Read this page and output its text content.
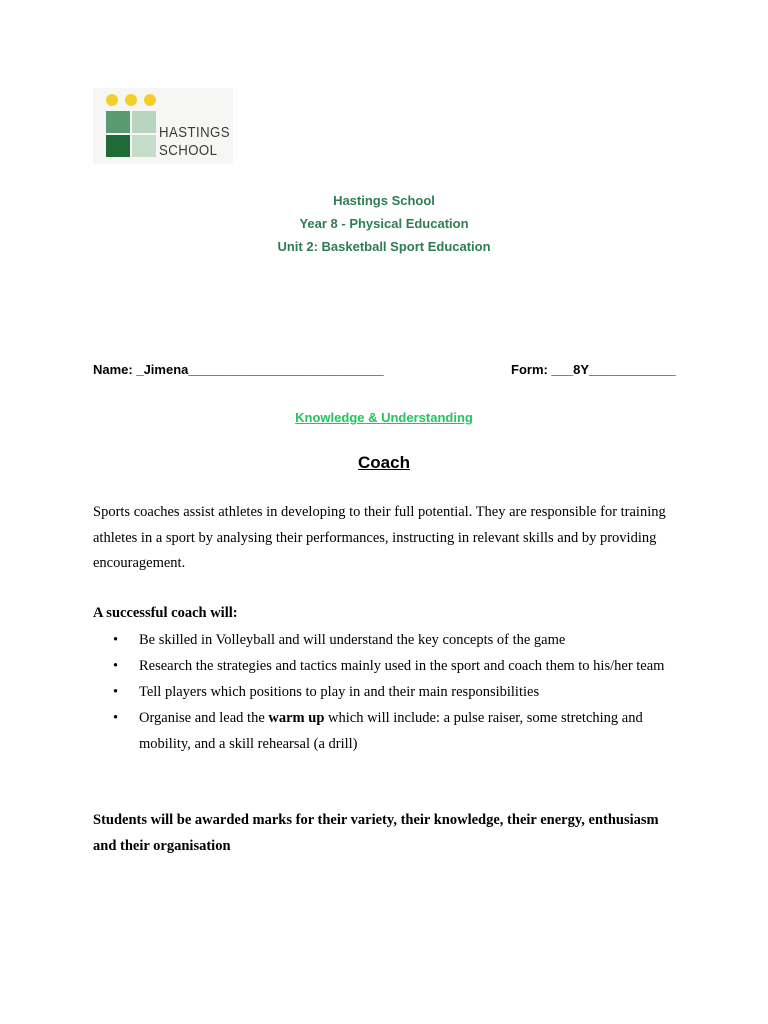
HASTINGS
SCHOOL
Hastings School
Year 8 - Physical Education
Unit 2: Basketball Sport Education
Name: _Jimena___________________________	Form: ___8Y____________
Knowledge & Understanding
Coach
Sports coaches assist athletes in developing to their full potential. They are responsible for training athletes in a sport by analysing their performances, instructing in relevant skills and by providing encouragement.
A successful coach will:
• Be skilled in Volleyball and will understand the key concepts of the game
• Research the strategies and tactics mainly used in the sport and coach them to his/her team
• Tell players which positions to play in and their main responsibilities
• Organise and lead the warm up which will include: a pulse raiser, some stretching and mobility, and a skill rehearsal (a drill)
Students will be awarded marks for their variety, their knowledge, their energy, enthusiasm and their organisation
